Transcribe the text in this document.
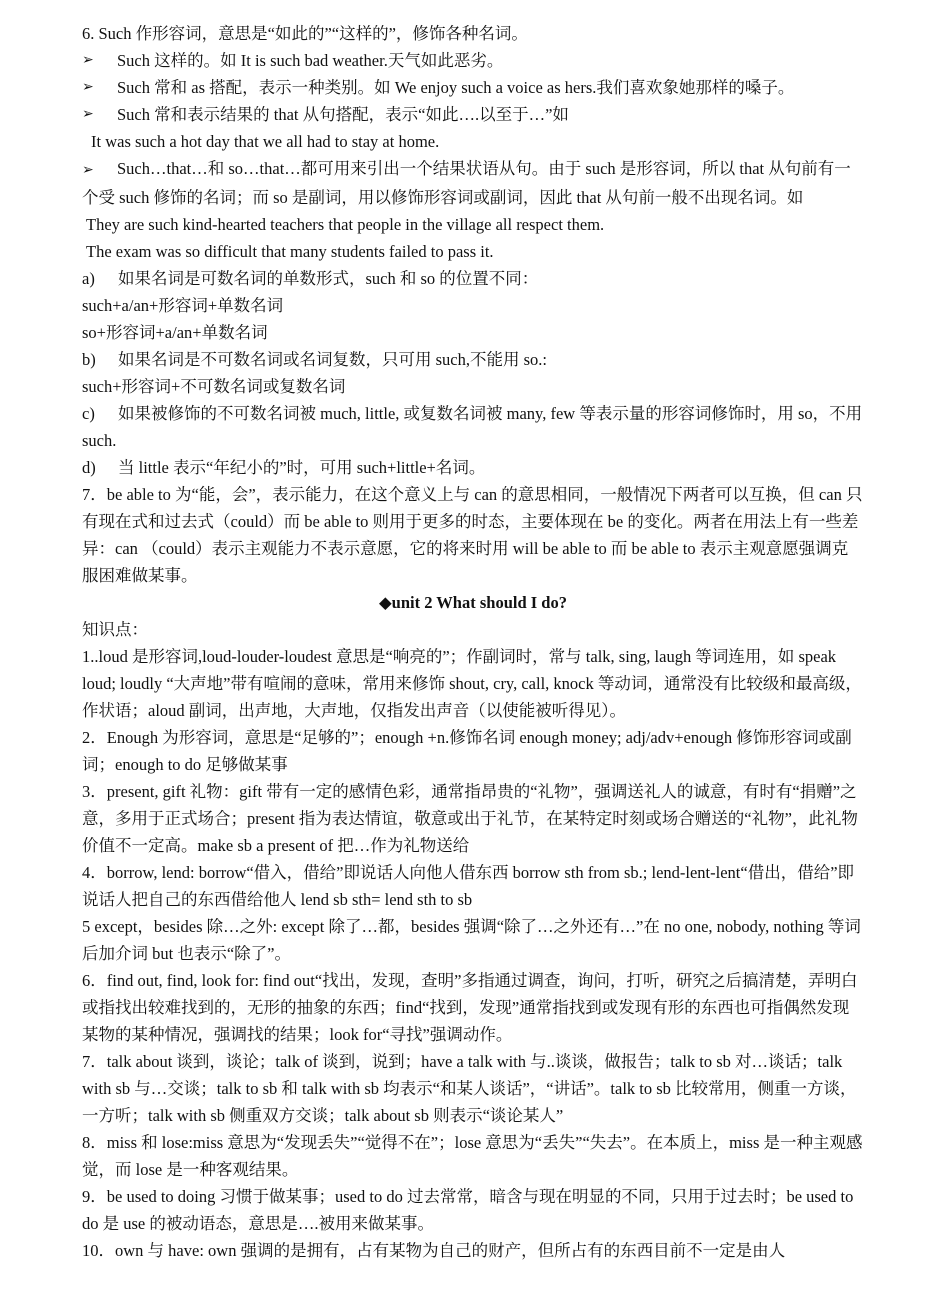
6. Such 作形容词，意思是“如此的”“这样的”，修饰各种名词。

➢ Such 这样的。如 It is such bad weather.天气如此恶劣。

➢ Such 常和 as 搭配，表示一种类别。如 We enjoy such a voice as hers.我们喜欢象她那样的嗓子。

➢ Such 常和表示结果的 that 从句搭配，表示“如此….以至于…”如

It was such a hot day that we all had to stay at home.

➢ Such…that…和 so…that…都可用来引出一个结果状语从句。由于 such 是形容词，所以 that 从句前有一个受 such 修饰的名词；而 so 是副词，用以修饰形容词或副词，因此 that 从句前一般不出现名词。如

They are such kind-hearted teachers that people in the village all respect them.

The exam was so difficult that many students failed to pass it.

a) 如果名词是可数名词的单数形式，such 和 so 的位置不同：

such+a/an+形容词+单数名词

so+形容词+a/an+单数名词

b) 如果名词是不可数名词或名词复数，只可用 such,不能用 so.:

such+形容词+不可数名词或复数名词

c) 如果被修饰的不可数名词被 much, little, 或复数名词被 many, few 等表示量的形容词修饰时，用 so，不用 such.

d) 当 little 表示“年纪小的”时，可用 such+little+名词。

7．be able to 为“能，会”，表示能力，在这个意义上与 can 的意思相同，一般情况下两者可以互换，但 can 只有现在式和过去式（could）而 be able to 则用于更多的时态，主要体现在 be 的变化。两者在用法上有一些差异：can （could）表示主观能力不表示意愿，它的将来时用 will be able to 而 be able to 表示主观意愿强调克服困难做某事。

◆unit 2 What should I do?

知识点：

1..loud 是形容词,loud-louder-loudest 意思是“响亮的”；作副词时，常与 talk, sing, laugh 等词连用，如 speak loud; loudly “大声地”带有喧闹的意味，常用来修饰 shout, cry, call, knock 等动词，通常没有比较级和最高级，作状语；aloud 副词，出声地，大声地，仅指发出声音（以使能被听得见）。

2．Enough 为形容词，意思是“足够的”；enough +n.修饰名词 enough money; adj/adv+enough 修饰形容词或副词；enough to do 足够做某事

3．present, gift 礼物：gift 带有一定的感情色彩，通常指昂贵的“礼物”，强调送礼人的诚意，有时有“捐赠”之意，多用于正式场合；present 指为表达情谊，敬意或出于礼节，在某特定时刻或场合赠送的“礼物”，此礼物价值不一定高。make sb a present of 把…作为礼物送给

4．borrow, lend: borrow“借入，借给”即说话人向他人借东西 borrow sth from sb.; lend-lent-lent“借出，借给”即说话人把自己的东西借给他人 lend sb sth= lend sth to sb

5 except，besides 除…之外: except 除了…都，besides 强调“除了…之外还有…”在 no one, nobody, nothing 等词后加介词 but 也表示“除了”。

6．find out, find, look for: find out“找出，发现，查明”多指通过调查，询问，打听，研究之后搞清楚，弄明白或指找出较难找到的，无形的抽象的东西；find“找到，发现”通常指找到或发现有形的东西也可指偶然发现某物的某种情况，强调找的结果；look for“寻找”强调动作。

7．talk about 谈到，谈论；talk of 谈到，说到；have a talk with 与..谈谈，做报告；talk to sb 对…谈话；talk with sb 与…交谈；talk to sb 和 talk with sb 均表示“和某人谈话”，“讲话”。talk to sb 比较常用，侧重一方谈，一方听；talk with sb 侧重双方交谈；talk about sb 则表示“谈论某人”

8．miss 和 lose:miss 意思为“发现丢失”“觉得不在”；lose 意思为“丢失”“失去”。在本质上，miss 是一种主观感觉，而 lose 是一种客观结果。

9．be used to doing 习惯于做某事；used to do 过去常常，暗含与现在明显的不同，只用于过去时；be used to do 是 use 的被动语态，意思是….被用来做某事。

10．own 与 have: own 强调的是拥有，占有某物为自己的财产，但所占有的东西目前不一定是由人
